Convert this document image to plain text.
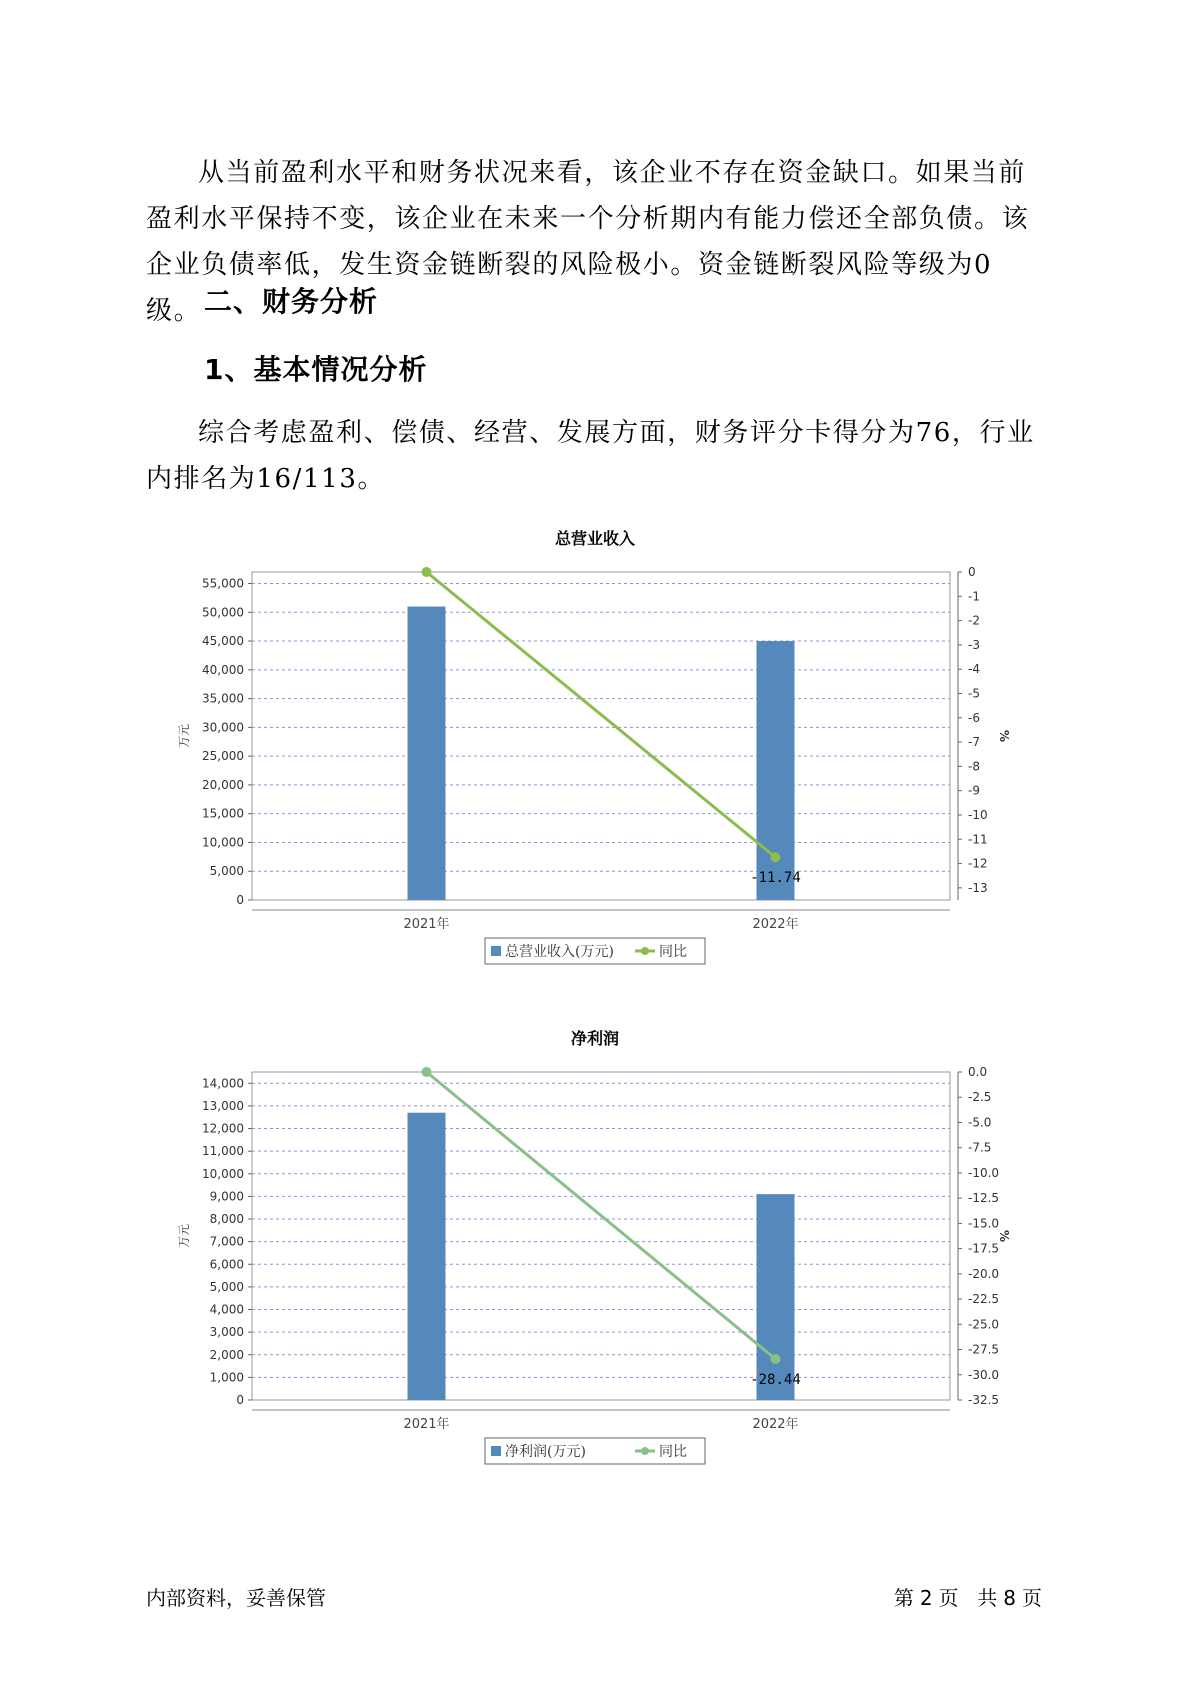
从当前盈利水平和财务状况来看，该企业不存在资金缺口。如果当前盈利水平保持不变，该企业在未来一个分析期内有能力偿还全部负债。该企业负债率低，发生资金链断裂的风险极小。资金链断裂风险等级为0级。 二、财务分析
1、基本情况分析

综合考虑盈利、偿债、经营、发展方面，财务评分卡得分为76，行业内排名为16/113。

总营业收入
0
5,000
10,000
15,000
20,000
25,000
30,000
35,000
40,000
45,000
50,000
55,000
0
-1
-2
-3
-4
-5
-6
-7
-8
-9
-10
-11
-12
-13
万元	%
2021年	2022年
-11.74
总营业收入(万元)	同比
净利润
0
1,000
2,000
3,000
4,000
5,000
6,000
7,000
8,000
9,000
10,000
11,000
12,000
13,000
14,000
0.0
-2.5
-5.0
-7.5
-10.0
-12.5
-15.0
-17.5
-20.0
-22.5
-25.0
-27.5
-30.0
-32.5
万元	%
2021年	2022年
-28.44
净利润(万元)	同比
内部资料，妥善保管	第 2 页 共 8 页
